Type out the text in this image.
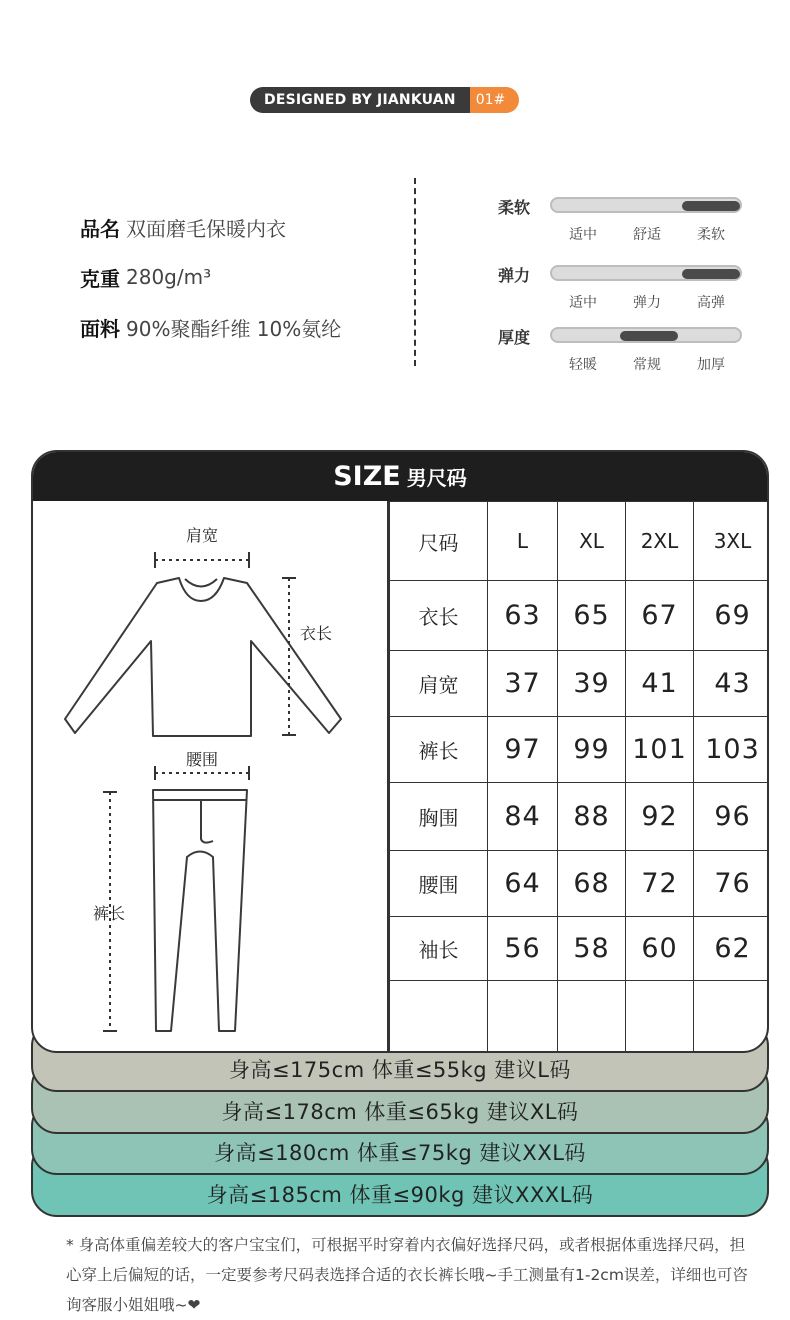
DESIGNED BY JIANKUAN	01#
品名 双面磨毛保暖内衣
克重 280g/m³
面料 90%聚酯纤维 10%氨纶
柔软
适中	舒适	柔软
弹力
适中	弹力	高弹
厚度
轻暖	常规	加厚
身高≤185cm 体重≤90kg 建议XXXL码
身高≤180cm 体重≤75kg 建议XXL码
身高≤178cm 体重≤65kg 建议XL码
身高≤175cm 体重≤55kg 建议L码
SIZE 男尺码
肩宽
衣长
腰围
裤长
尺码	L	XL	2XL	3XL
衣长	63	65	67	69
肩宽	37	39	41	43
裤长	97	99	101	103
胸围	84	88	92	96
腰围	64	68	72	76
袖长	56	58	60	62

* 身高体重偏差较大的客户宝宝们，可根据平时穿着内衣偏好选择尺码，或者根据体重选择尺码，担心穿上后偏短的话，一定要参考尺码表选择合适的衣长裤长哦~手工测量有1-2cm误差，详细也可咨询客服小姐姐哦~❤
